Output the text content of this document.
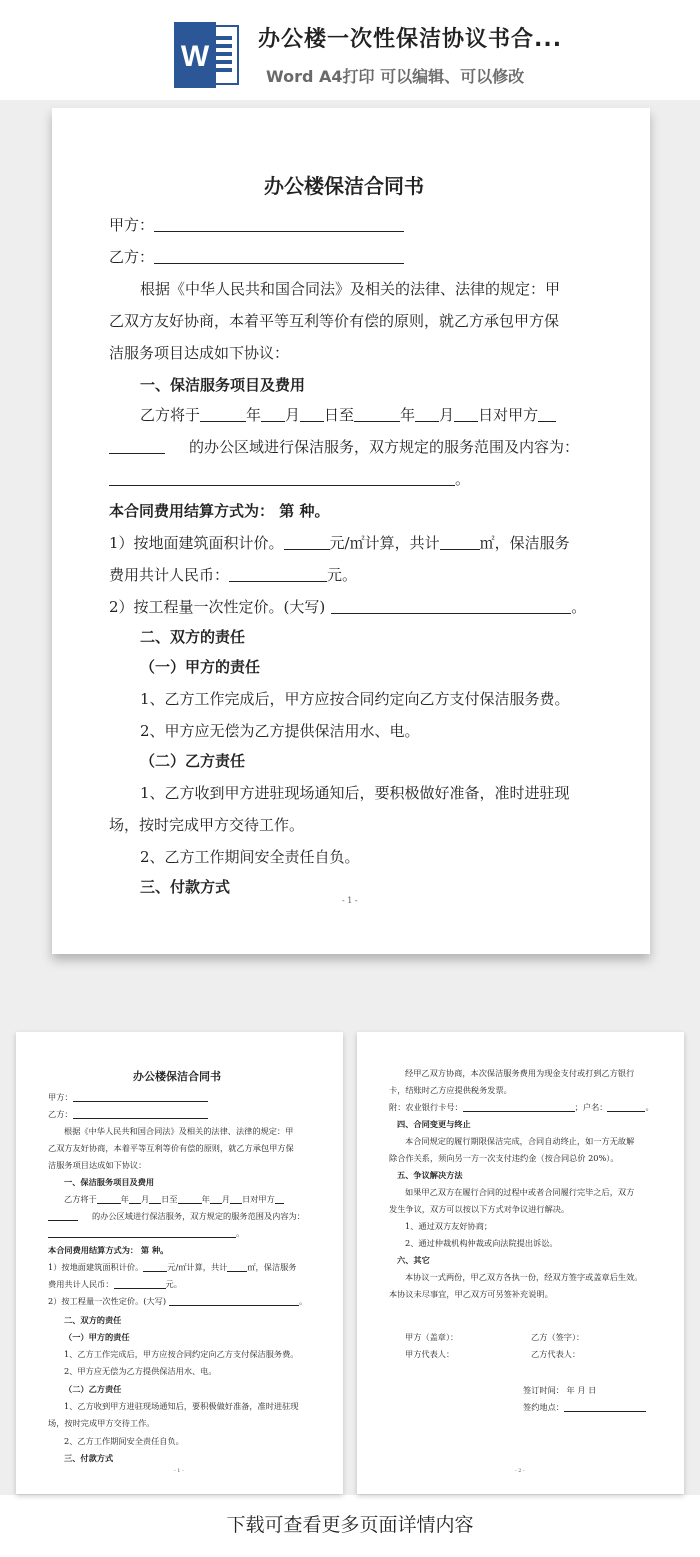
W
办公楼一次性保洁协议书合...
Word A4打印 可以编辑、可以修改
办公楼保洁合同书
甲方：
乙方：
根据《中华人民共和国合同法》及相关的法律、法律的规定：甲
乙双方友好协商，本着平等互利等价有偿的原则，就乙方承包甲方保
洁服务项目达成如下协议：
一、保洁服务项目及费用
乙方将于	年 月 日至	年 月 日对甲方
的办公区域进行保洁服务，双方规定的服务范围及内容为：
。
本合同费用结算方式为： 第 种。
1）按地面建筑面积计价。	元/㎡计算，共计	㎡，保洁服务
费用共计人民币：	元。
2）按工程量一次性定价。(大写)	。
二、双方的责任
（一）甲方的责任
1、乙方工作完成后，甲方应按合同约定向乙方支付保洁服务费。
2、甲方应无偿为乙方提供保洁用水、电。
（二）乙方责任
1、乙方收到甲方进驻现场通知后，要积极做好准备，准时进驻现
场，按时完成甲方交待工作。
2、乙方工作期间安全责任自负。
三、付款方式
- 1 -
办公楼保洁合同书
甲方：
乙方：
根据《中华人民共和国合同法》及相关的法律、法律的规定：甲
乙双方友好协商，本着平等互利等价有偿的原则，就乙方承包甲方保
洁服务项目达成如下协议：
一、保洁服务项目及费用
乙方将于	年 月 日至	年 月 日对甲方
的办公区域进行保洁服务，双方规定的服务范围及内容为：
。
本合同费用结算方式为： 第 种。
1）按地面建筑面积计价。	元/㎡计算，共计 ㎡，保洁服务
费用共计人民币：	元。
2）按工程量一次性定价。(大写)	。
二、双方的责任
（一）甲方的责任
1、乙方工作完成后，甲方应按合同约定向乙方支付保洁服务费。
2、甲方应无偿为乙方提供保洁用水、电。
（二）乙方责任
1、乙方收到甲方进驻现场通知后，要积极做好准备，准时进驻现
场，按时完成甲方交待工作。
2、乙方工作期间安全责任自负。
三、付款方式
- 1 -
经甲乙双方协商，本次保洁服务费用为现金支付或打到乙方银行
卡，结账时乙方应提供税务发票。
附：农业银行卡号：	；户名：	。
四、合同变更与终止
本合同规定的履行期限保洁完成，合同自动终止，如一方无故解
除合作关系，须向另一方一次支付违约金（按合同总价 20%）。
五、争议解决方法
如果甲乙双方在履行合同的过程中或者合同履行完毕之后，双方
发生争议，双方可以按以下方式对争议进行解决。
1、通过双方友好协商；
2、通过仲裁机构仲裁或向法院提出诉讼。
六、其它
本协议一式两份，甲乙双方各执一份，经双方签字或盖章后生效。
本协议未尽事宜，甲乙双方可另签补充说明。
甲方（盖章）：	乙方（签字）：
甲方代表人：	乙方代表人：
签订时间： 年 月 日
签约地点：
- 2 -
下载可查看更多页面详情内容
